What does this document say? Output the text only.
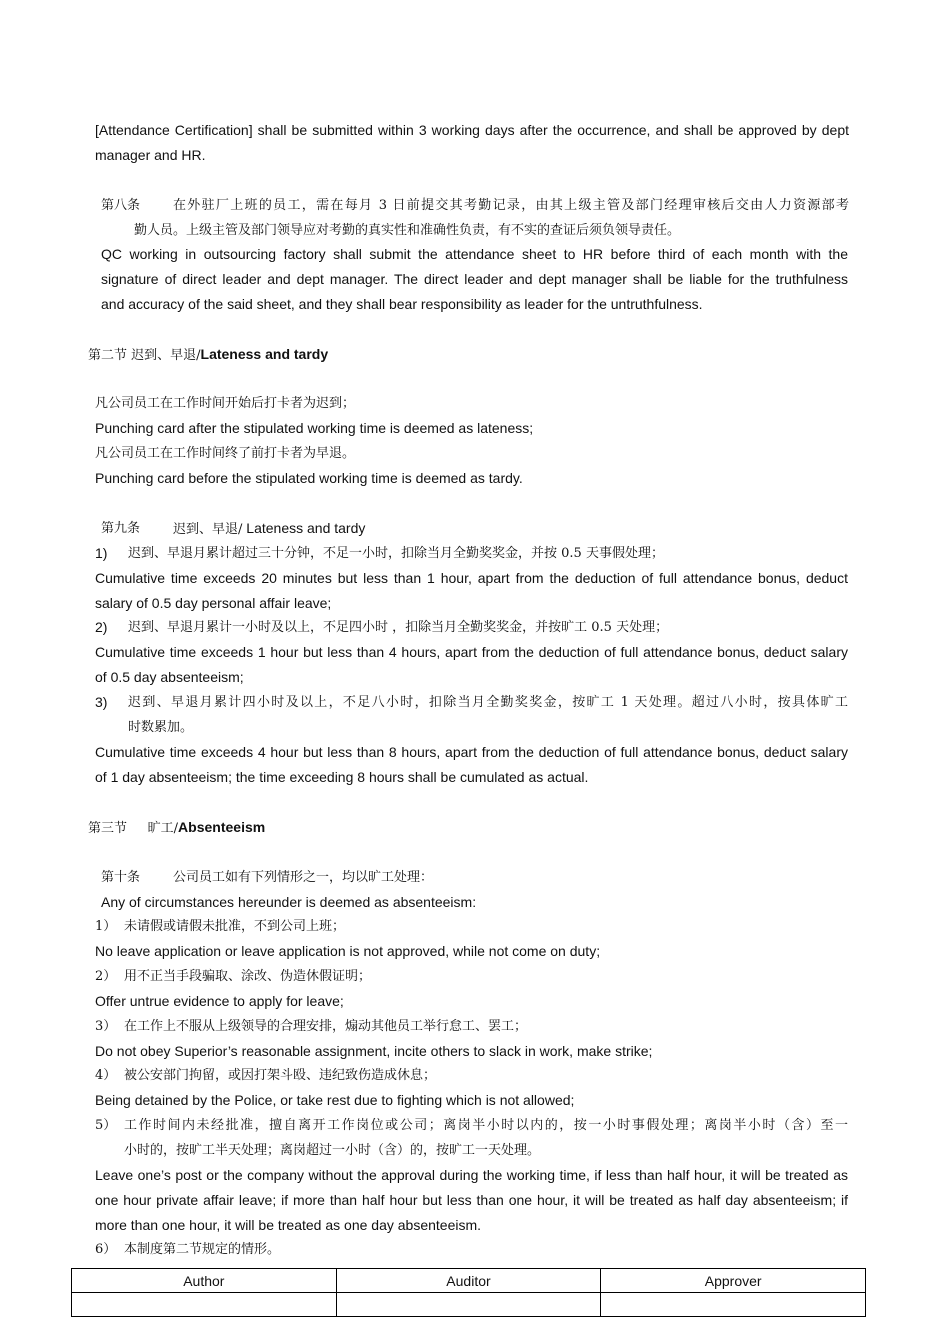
[Attendance Certification] shall be submitted within 3 working days after the occurrence, and shall be approved by dept
manager and HR.
第八条	在外驻厂上班的员工，需在每月 3 日前提交其考勤记录，由其上级主管及部门经理审核后交由人力资源部考
勤人员。上级主管及部门领导应对考勤的真实性和准确性负责，有不实的查证后须负领导责任。
QC working in outsourcing factory shall submit the attendance sheet to HR before third of each month with the
signature of direct leader and dept manager. The direct leader and dept manager shall be liable for the truthfulness
and accuracy of the said sheet, and they shall bear responsibility as leader for the untruthfulness.
第二节 迟到、早退/Lateness and tardy
凡公司员工在工作时间开始后打卡者为迟到；
Punching card after the stipulated working time is deemed as lateness;
凡公司员工在工作时间终了前打卡者为早退。
Punching card before the stipulated working time is deemed as tardy.
第九条	迟到、早退/ Lateness and tardy
1) 迟到、早退月累计超过三十分钟，不足一小时，扣除当月全勤奖奖金，并按 0.5 天事假处理；
Cumulative time exceeds 20 minutes but less than 1 hour, apart from the deduction of full attendance bonus, deduct
salary of 0.5 day personal affair leave;
2) 迟到、早退月累计一小时及以上，不足四小时 ，扣除当月全勤奖奖金，并按旷工 0.5 天处理；
Cumulative time exceeds 1 hour but less than 4 hours, apart from the deduction of full attendance bonus, deduct salary
of 0.5 day absenteeism;
3) 迟到、早退月累计四小时及以上，不足八小时，扣除当月全勤奖奖金，按旷工 1 天处理。超过八小时，按具体旷工
时数累加。
Cumulative time exceeds 4 hour but less than 8 hours, apart from the deduction of full attendance bonus, deduct salary
of 1 day absenteeism; the time exceeding 8 hours shall be cumulated as actual.
第三节     旷工/Absenteeism
第十条	公司员工如有下列情形之一，均以旷工处理：
Any of circumstances hereunder is deemed as absenteeism:
1） 未请假或请假未批准，不到公司上班；
No leave application or leave application is not approved, while not come on duty;
2） 用不正当手段骗取、涂改、伪造休假证明；
Offer untrue evidence to apply for leave;
3） 在工作上不服从上级领导的合理安排，煽动其他员工举行怠工、罢工；
Do not obey Superior’s reasonable assignment, incite others to slack in work, make strike;
4） 被公安部门拘留，或因打架斗殴、违纪致伤造成休息；
Being detained by the Police, or take rest due to fighting which is not allowed;
5） 工作时间内未经批准，擅自离开工作岗位或公司；离岗半小时以内的，按一小时事假处理；离岗半小时（含）至一
小时的，按旷工半天处理；离岗超过一小时（含）的，按旷工一天处理。
Leave one’s post or the company without the approval during the working time, if less than half hour, it will be treated as
one hour private affair leave; if more than half hour but less than one hour, it will be treated as half day absenteeism; if
more than one hour, it will be treated as one day absenteeism.
6） 本制度第二节规定的情形。
Author	Auditor	Approver
